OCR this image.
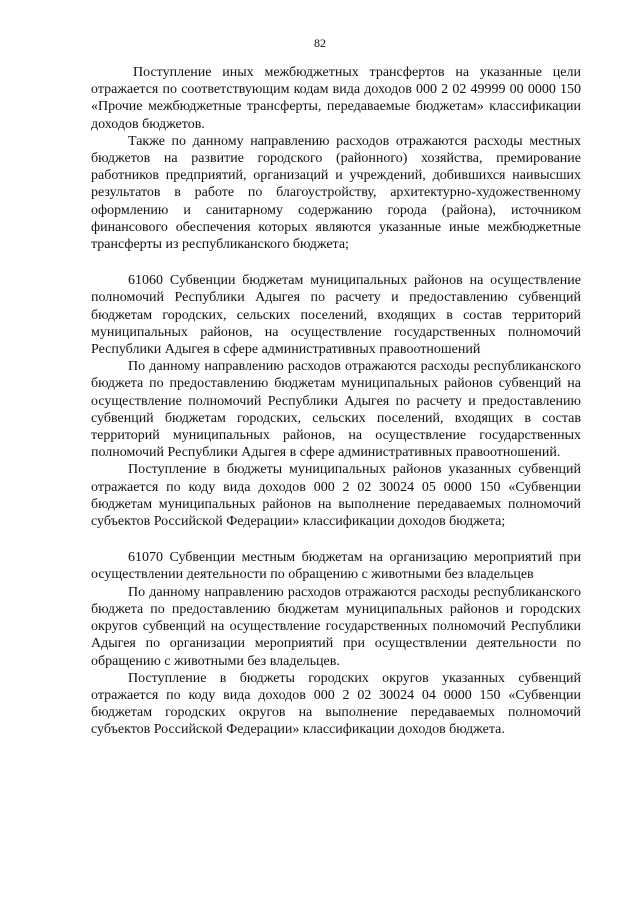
82

Поступление иных межбюджетных трансфертов на указанные цели отражается по соответствующим кодам вида доходов 000 2 02 49999 00 0000 150 «Прочие межбюджетные трансферты, передаваемые бюджетам» классификации доходов бюджетов.

Также по данному направлению расходов отражаются расходы местных бюджетов на развитие городского (районного) хозяйства, премирование работников предприятий, организаций и учреждений, добившихся наивысших результатов в работе по благоустройству, архитектурно-художественному оформлению и санитарному содержанию города (района), источником финансового обеспечения которых являются указанные иные межбюджетные трансферты из республиканского бюджета;

61060 Субвенции бюджетам муниципальных районов на осуществление полномочий Республики Адыгея по расчету и предоставлению субвенций бюджетам городских, сельских поселений, входящих в состав территорий муниципальных районов, на осуществление государственных полномочий Республики Адыгея в сфере административных правоотношений

По данному направлению расходов отражаются расходы республиканского бюджета по предоставлению бюджетам муниципальных районов субвенций на осуществление полномочий Республики Адыгея по расчету и предоставлению субвенций бюджетам городских, сельских поселений, входящих в состав территорий муниципальных районов, на осуществление государственных полномочий Республики Адыгея в сфере административных правоотношений.

Поступление в бюджеты муниципальных районов указанных субвенций отражается по коду вида доходов 000 2 02 30024 05 0000 150 «Субвенции бюджетам муниципальных районов на выполнение передаваемых полномочий субъектов Российской Федерации» классификации доходов бюджета;

61070 Субвенции местным бюджетам на организацию мероприятий при осуществлении деятельности по обращению с животными без владельцев

По данному направлению расходов отражаются расходы республиканского бюджета по предоставлению бюджетам муниципальных районов и городских округов субвенций на осуществление государственных полномочий Республики Адыгея по организации мероприятий при осуществлении деятельности по обращению с животными без владельцев.

Поступление в бюджеты городских округов указанных субвенций отражается по коду вида доходов 000 2 02 30024 04 0000 150 «Субвенции бюджетам городских округов на выполнение передаваемых полномочий субъектов Российской Федерации» классификации доходов бюджета.
